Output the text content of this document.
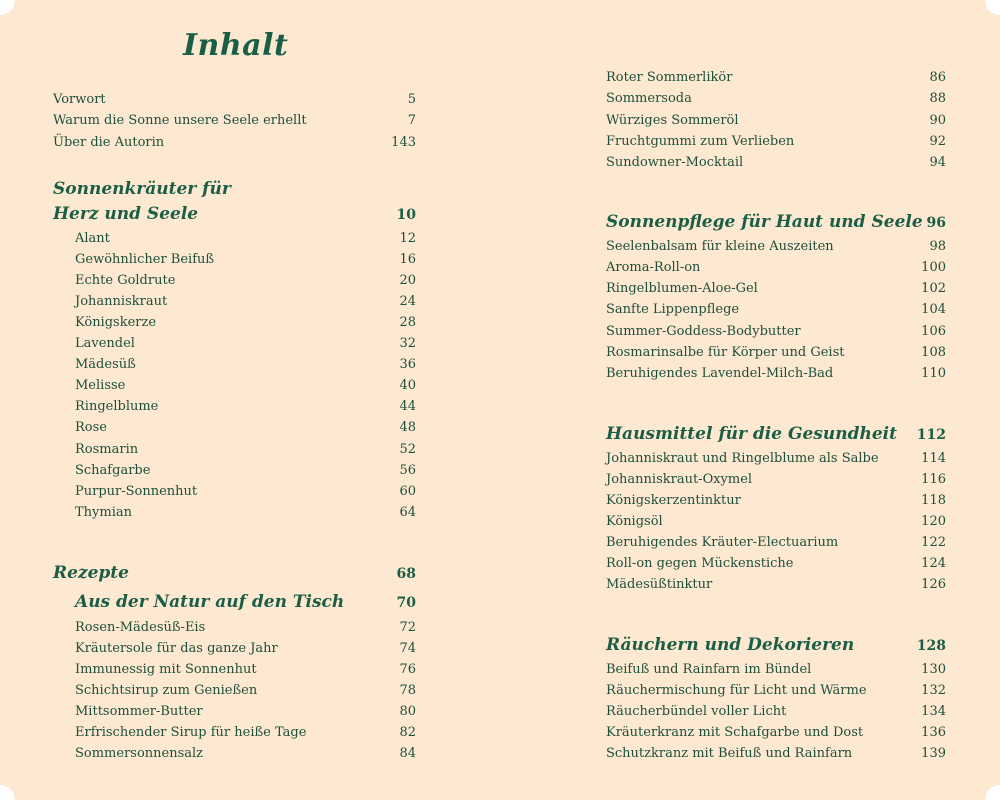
Inhalt
Vorwort	5
Warum die Sonne unsere Seele erhellt	7
Über die Autorin	143
Sonnenkräuter für
Herz und Seele	10
Alant	12
Gewöhnlicher Beifuß	16
Echte Goldrute	20
Johanniskraut	24
Königskerze	28
Lavendel	32
Mädesüß	36
Melisse	40
Ringelblume	44
Rose	48
Rosmarin	52
Schafgarbe	56
Purpur-Sonnenhut	60
Thymian	64
Rezepte	68
Aus der Natur auf den Tisch	70
Rosen-Mädesüß-Eis	72
Kräutersole für das ganze Jahr	74
Immunessig mit Sonnenhut	76
Schichtsirup zum Genießen	78
Mittsommer-Butter	80
Erfrischender Sirup für heiße Tage	82
Sommersonnensalz	84
Roter Sommerlikör	86
Sommersoda	88
Würziges Sommeröl	90
Fruchtgummi zum Verlieben	92
Sundowner-Mocktail	94
Sonnenpflege für Haut und Seele 96
Seelenbalsam für kleine Auszeiten	98
Aroma-Roll-on	100
Ringelblumen-Aloe-Gel	102
Sanfte Lippenpflege	104
Summer-Goddess-Bodybutter	106
Rosmarinsalbe für Körper und Geist	108
Beruhigendes Lavendel-Milch-Bad	110
Hausmittel für die Gesundheit 112
Johanniskraut und Ringelblume als Salbe	114
Johanniskraut-Oxymel	116
Königskerzentinktur	118
Königsöl	120
Beruhigendes Kräuter-Electuarium	122
Roll-on gegen Mückenstiche	124
Mädesüßtinktur	126
Räuchern und Dekorieren	128
Beifuß und Rainfarn im Bündel	130
Räuchermischung für Licht und Wärme	132
Räucherbündel voller Licht	134
Kräuterkranz mit Schafgarbe und Dost	136
Schutzkranz mit Beifuß und Rainfarn	139
